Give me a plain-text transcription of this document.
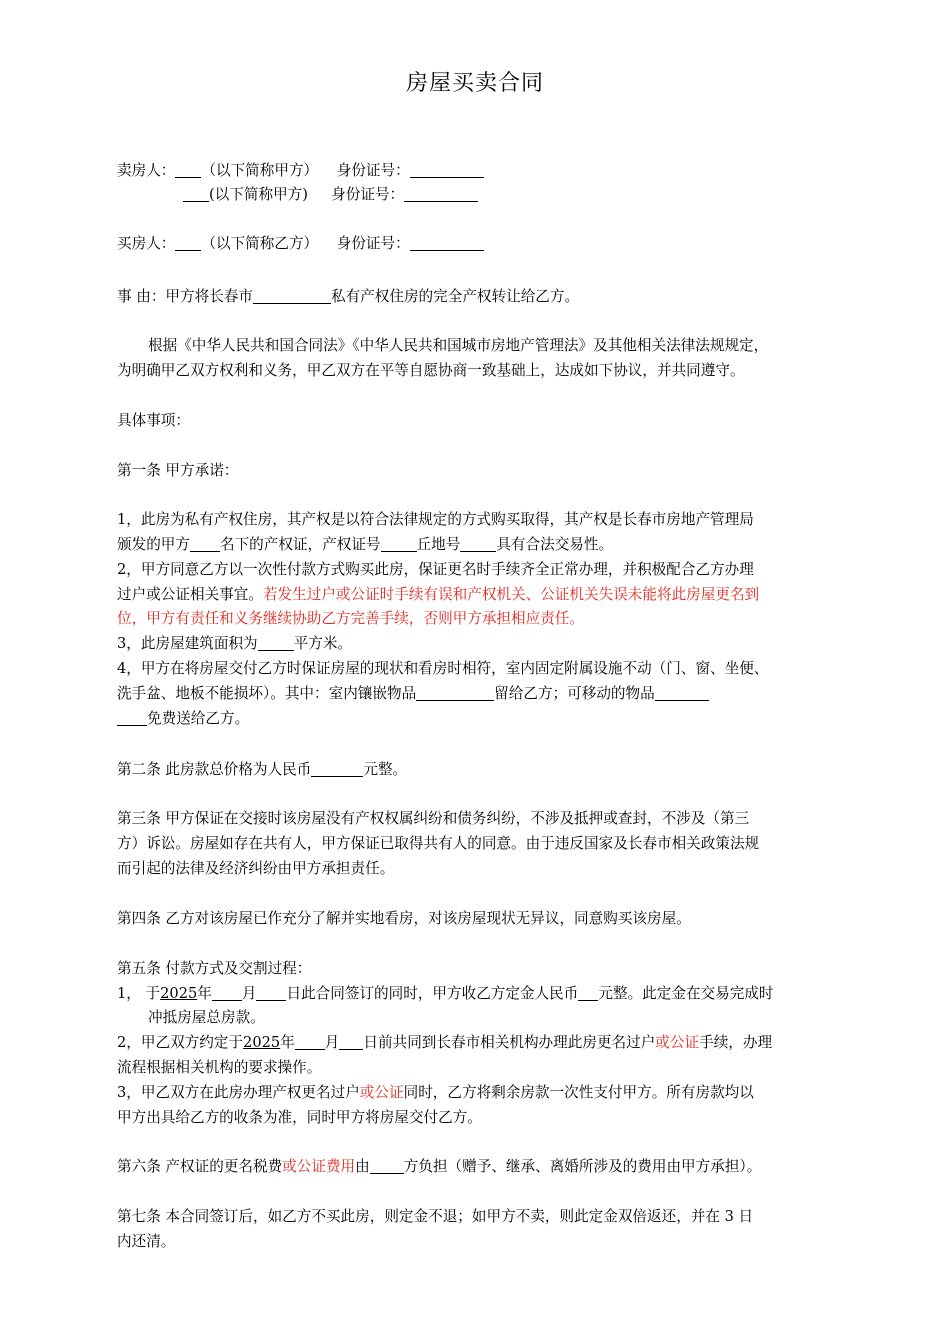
房屋买卖合同
卖房人： （以下简称甲方） 身份证号：
(以下简称甲方) 身份证号：
买房人： （以下简称乙方） 身份证号：
事 由：甲方将长春市	私有产权住房的完全产权转让给乙方。
根据《中华人民共和国合同法》《中华人民共和国城市房地产管理法》及其他相关法律法规规定，
为明确甲乙双方权利和义务，甲乙双方在平等自愿协商一致基础上，达成如下协议，并共同遵守。
具体事项：
第一条 甲方承诺：
1，此房为私有产权住房，其产权是以符合法律规定的方式购买取得，其产权是长春市房地产管理局
颁发的甲方 名下的产权证，产权证号 丘地号 具有合法交易性。
2，甲方同意乙方以一次性付款方式购买此房，保证更名时手续齐全正常办理，并积极配合乙方办理
过户或公证相关事宜。若发生过户或公证时手续有误和产权机关、公证机关失误未能将此房屋更名到
位，甲方有责任和义务继续协助乙方完善手续，否则甲方承担相应责任。
3，此房屋建筑面积为 平方米。
4，甲方在将房屋交付乙方时保证房屋的现状和看房时相符，室内固定附属设施不动（门、窗、坐便、
洗手盆、地板不能损坏）。其中：室内镶嵌物品	留给乙方；可移动的物品
免费送给乙方。
第二条 此房款总价格为人民币	元整。
第三条 甲方保证在交接时该房屋没有产权权属纠纷和债务纠纷，不涉及抵押或查封，不涉及（第三
方）诉讼。房屋如存在共有人，甲方保证已取得共有人的同意。由于违反国家及长春市相关政策法规
而引起的法律及经济纠纷由甲方承担责任。
第四条 乙方对该房屋已作充分了解并实地看房，对该房屋现状无异议，同意购买该房屋。
第五条 付款方式及交割过程：
1， 于2025年 月 日此合同签订的同时，甲方收乙方定金人民币 元整。此定金在交易完成时
冲抵房屋总房款。
2，甲乙双方约定于2025年 月 日前共同到长春市相关机构办理此房更名过户或公证手续，办理
流程根据相关机构的要求操作。
3，甲乙双方在此房办理产权更名过户或公证同时，乙方将剩余房款一次性支付甲方。所有房款均以
甲方出具给乙方的收条为准，同时甲方将房屋交付乙方。
第六条 产权证的更名税费或公证费用由 方负担（赠予、继承、离婚所涉及的费用由甲方承担）。
第七条 本合同签订后，如乙方不买此房，则定金不退；如甲方不卖，则此定金双倍返还，并在 3 日
内还清。
